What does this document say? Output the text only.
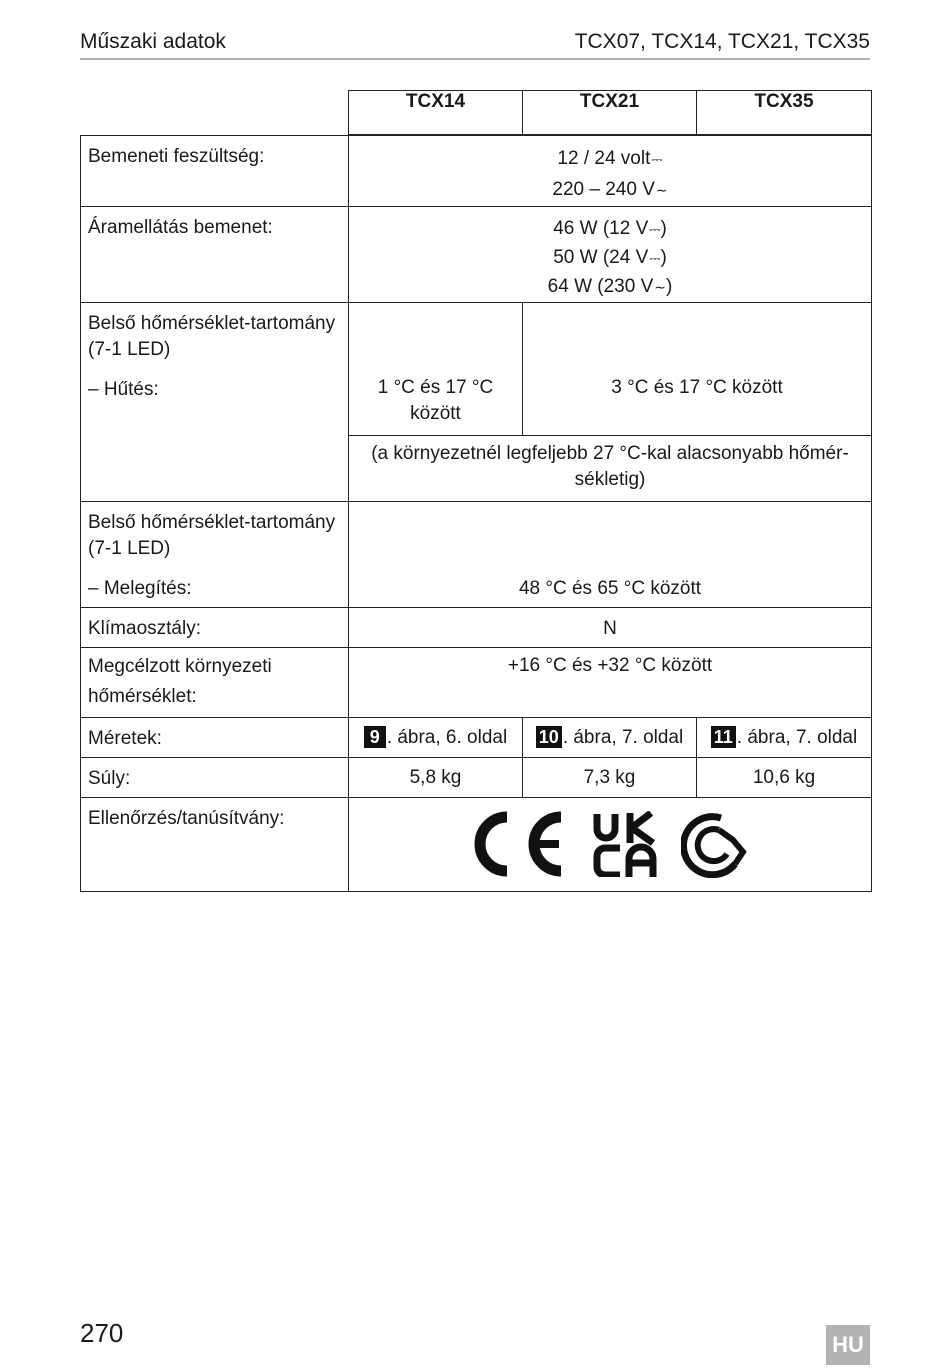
Műszaki adatok	TCX07, TCX14, TCX21, TCX35
	TCX14	TCX21	TCX35

Bemeneti feszültség:	12 / 24 volt⎓
220 – 240 V∼		

Áramellátás bemenet:	46 W (12 V⎓)
50 W (24 V⎓)
64 W (230 V∼)		

Belső hőmérséklet-tartomány
(7-1 LED)
– Hűtés:	1 °C és 17 °C között	3 °C és 17 °C között	

	(a környezetnél legfeljebb 27 °C-kal alacsonyabb hőmér-sékletig)		

Belső hőmérséklet-tartomány
(7-1 LED)
– Melegítés:	48 °C és 65 °C között		

Klímaosztály:	N		

Megcélzott környezeti
hőmérséklet:	+16 °C és +32 °C között		

Méretek:	9 . ábra, 6. oldal	10 . ábra, 7. oldal	11 . ábra, 7. oldal

Súly:	5,8 kg	7,3 kg	10,6 kg

Ellenőrzés/tanúsítvány:

270	HU
